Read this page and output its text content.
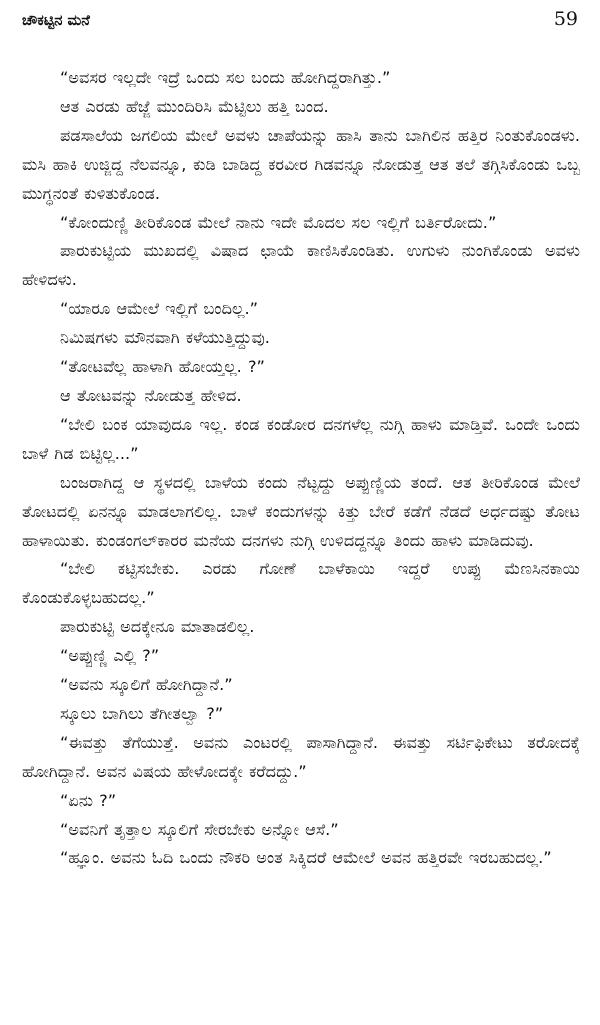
ಚೌಕಟ್ಟಿನ ಮನೆ	59

“ಅವಸರ ಇಲ್ಲದೇ ಇದ್ರೆ ಒಂದು ಸಲ ಬಂದು ಹೋಗಿದ್ದರಾಗಿತ್ತು.”

ಆತ ಎರಡು ಹೆಜ್ಜೆ ಮುಂದಿರಿಸಿ ಮೆಟ್ಟಿಲು ಹತ್ತಿ ಬಂದ.

ಪಡಸಾಲೆಯ ಜಗಲಿಯ ಮೇಲೆ ಅವಳು ಚಾಪೆಯನ್ನು ಹಾಸಿ ತಾನು ಬಾಗಿಲಿನ ಹತ್ತಿರ ನಿಂತುಕೊಂಡಳು. ಮಸಿ ಹಾಕಿ ಉಜ್ಜಿದ್ದ ನೆಲವನ್ನೂ, ಕುಡಿ ಬಾಡಿದ್ದ ಕರವೀರ ಗಿಡವನ್ನೂ ನೋಡುತ್ತ ಆತ ತಲೆ ತಗ್ಗಿಸಿಕೊಂಡು ಒಬ್ಬ ಮುಗ್ಧನಂತೆ ಕುಳಿತುಕೊಂಡ.

“ಕೋಂದುಣ್ಣಿ ತೀರಿಕೊಂಡ ಮೇಲೆ ನಾನು ಇದೇ ಮೊದಲ ಸಲ ಇಲ್ಲಿಗೆ ಬರ್ತಿರೋದು.”

ಪಾರುಕುಟ್ಟಿಯ ಮುಖದಲ್ಲಿ ವಿಷಾದ ಛಾಯೆ ಕಾಣಿಸಿಕೊಂಡಿತು. ಉಗುಳು ನುಂಗಿಕೊಂಡು ಅವಳು ಹೇಳಿದಳು.

“ಯಾರೂ ಆಮೇಲೆ ಇಲ್ಲಿಗೆ ಬಂದಿಲ್ಲ.”

ನಿಮಿಷಗಳು ಮೌನವಾಗಿ ಕಳೆಯುತ್ತಿದ್ದುವು.

“ತೋಟವೆಲ್ಲ ಹಾಳಾಗಿ ಹೋಯ್ತಲ್ಲ. ?”

ಆ ತೋಟವನ್ನು ನೋಡುತ್ತ ಹೇಳಿದ.

“ಬೇಲಿ ಬಂಕ ಯಾವುದೂ ಇಲ್ಲ. ಕಂಡ ಕಂಡೋರ ದನಗಳೆಲ್ಲ ನುಗ್ಗಿ ಹಾಳು ಮಾಡ್ತಿವೆ. ಒಂದೇ ಒಂದು ಬಾಳೆ ಗಿಡ ಬಿಟ್ಟಿಲ್ಲ...”

ಬಂಜರಾಗಿದ್ದ ಆ ಸ್ಥಳದಲ್ಲಿ ಬಾಳೆಯ ಕಂದು ನೆಟ್ಟದ್ದು ಅಪ್ಪುಣ್ಣಿಯ ತಂದೆ. ಆತ ತೀರಿಕೊಂಡ ಮೇಲೆ ತೋಟದಲ್ಲಿ ಏನನ್ನೂ ಮಾಡಲಾಗಲಿಲ್ಲ. ಬಾಳೆ ಕಂದುಗಳನ್ನು ಕಿತ್ತು ಬೇರೆ ಕಡೆಗೆ ನೆಡದೆ ಅರ್ಧದಷ್ಟು ತೋಟ ಹಾಳಾಯಿತು. ಕುಂಡಂಗಲ್‌ಕಾರರ ಮನೆಯ ದನಗಳು ನುಗ್ಗಿ ಉಳಿದದ್ದನ್ನೂ ತಿಂದು ಹಾಳು ಮಾಡಿದುವು.

“ಬೇಲಿ ಕಟ್ಟಿಸಬೇಕು. ಎರಡು ಗೋಣೆ ಬಾಳೆಕಾಯಿ ಇದ್ದರೆ ಉಪ್ಪು ಮೆಣಸಿನಕಾಯಿ ಕೊಂಡುಕೊಳ್ಳಬಹುದಲ್ಲ.”

ಪಾರುಕುಟ್ಟಿ ಅದಕ್ಕೇನೂ ಮಾತಾಡಲಿಲ್ಲ.

“ಅಪ್ಪುಣ್ಣಿ ಎಲ್ಲಿ ?”

“ಅವನು ಸ್ಕೂಲಿಗೆ ಹೋಗಿದ್ದಾನೆ.”

ಸ್ಕೂಲು ಬಾಗಿಲು ತೆಗೀತಲ್ವಾ ?”

“ಈವತ್ತು ತೆಗೆಯುತ್ತೆ. ಅವನು ಎಂಟರಲ್ಲಿ ಪಾಸಾಗಿದ್ದಾನೆ. ಈವತ್ತು ಸರ್ಟಿಫಿಕೇಟು ತರೋದಕ್ಕೆ ಹೋಗಿದ್ದಾನೆ. ಅವನ ವಿಷಯ ಹೇಳೋದಕ್ಕೇ ಕರೆದದ್ದು.”

“ಏನು ?”

“ಅವನಿಗೆ ತೃತ್ತಾಲ ಸ್ಕೂಲಿಗೆ ಸೇರಬೇಕು ಅನ್ನೋ ಆಸೆ.”

“ಹ್ಞೂಂ. ಅವನು ಓದಿ ಒಂದು ನೌಕರಿ ಅಂತ ಸಿಕ್ಕಿದರೆ ಆಮೇಲೆ ಅವನ ಹತ್ತಿರವೇ ಇರಬಹುದಲ್ಲ.”
